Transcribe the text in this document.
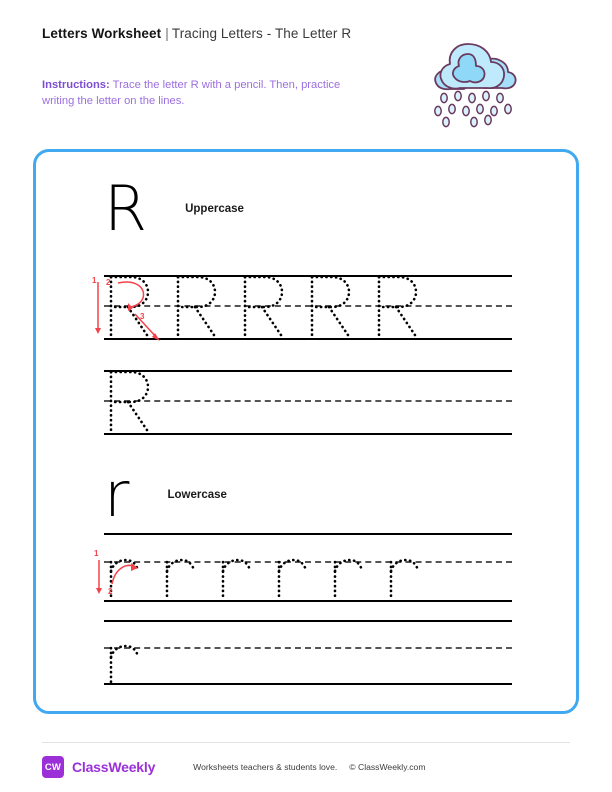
Letters Worksheet | Tracing Letters - The Letter R
Instructions: Trace the letter R with a pencil. Then, practice writing the letter on the lines.
R	Uppercase
1 2
3
r	Lowercase
1
2
CW ClassWeekly	Worksheets teachers & students love. © ClassWeekly.com
